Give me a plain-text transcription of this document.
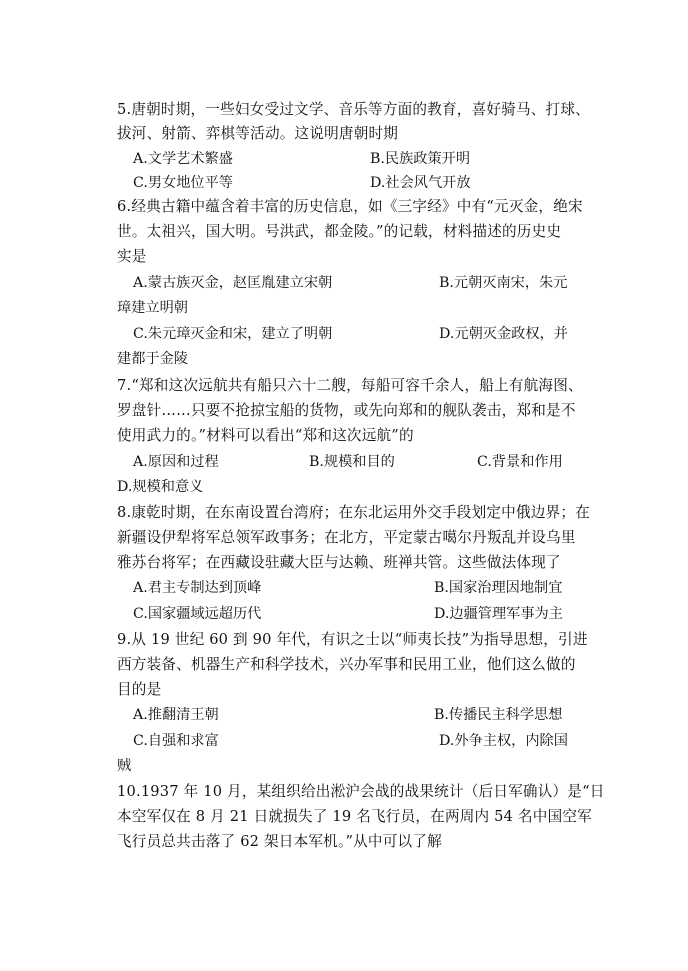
5.唐朝时期，一些妇女受过文学、音乐等方面的教育，喜好骑马、打球、
拔河、射箭、弈棋等活动。这说明唐朝时期
A.文学艺术繁盛	B.民族政策开明
C.男女地位平等	D.社会风气开放
6.经典古籍中蕴含着丰富的历史信息，如《三字经》中有“元灭金，绝宋
世。太祖兴，国大明。号洪武，都金陵。”的记载，材料描述的历史史
实是
A.蒙古族灭金，赵匡胤建立宋朝	B.元朝灭南宋，朱元
璋建立明朝
C.朱元璋灭金和宋，建立了明朝	D.元朝灭金政权，并
建都于金陵
7.“郑和这次远航共有船只六十二艘，每船可容千余人，船上有航海图、
罗盘针……只要不抢掠宝船的货物，或先向郑和的舰队袭击，郑和是不
使用武力的。”材料可以看出“郑和这次远航”的
A.原因和过程	B.规模和目的	C.背景和作用
D.规模和意义
8.康乾时期，在东南设置台湾府；在东北运用外交手段划定中俄边界；在
新疆设伊犁将军总领军政事务；在北方，平定蒙古噶尔丹叛乱并设乌里
雅苏台将军；在西藏设驻藏大臣与达赖、班禅共管。这些做法体现了
A.君主专制达到顶峰	B.国家治理因地制宜
C.国家疆域远超历代	D.边疆管理军事为主
9.从 19 世纪 60 到 90 年代，有识之士以“师夷长技”为指导思想，引进
西方装备、机器生产和科学技术，兴办军事和民用工业，他们这么做的
目的是
A.推翻清王朝	B.传播民主科学思想
C.自强和求富	D.外争主权，内除国
贼
10.1937 年 10 月，某组织给出淞沪会战的战果统计（后日军确认）是“日
本空军仅在 8 月 21 日就损失了 19 名飞行员，在两周内 54 名中国空军
飞行员总共击落了 62 架日本军机。”从中可以了解
